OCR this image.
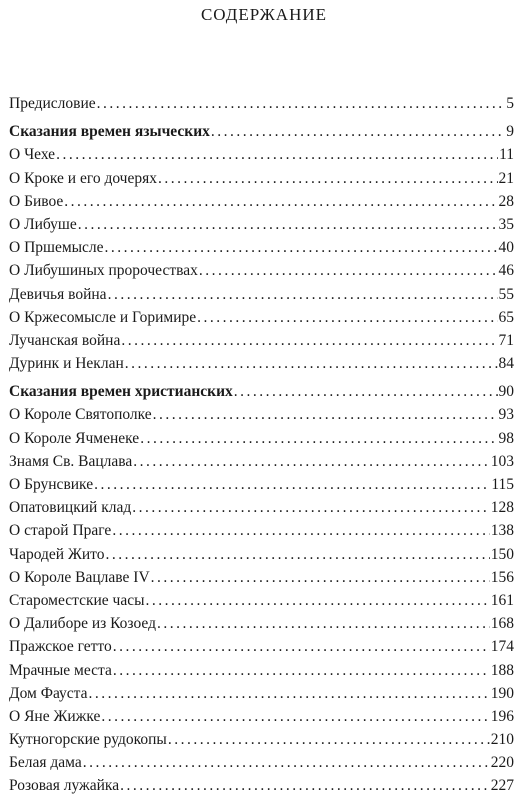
СОДЕРЖАНИЕ
Предисловие .....	5
Сказания времен языческих .....	9
О Чехе .....	11
О Кроке и его дочерях .....	21
О Бивое .....	28
О Либуше .....	35
О Пршемысле .....	40
О Либушиных пророчествах .....	46
Девичья война .....	55
О Кржесомысле и Горимире .....	65
Лучанская война .....	71
Дуринк и Неклан .....	84
Сказания времен христианских .....	90
О Короле Святополке .....	93
О Короле Ячменеке .....	98
Знамя Св. Вацлава .....	103
О Брунсвике .....	115
Опатовицкий клад .....	128
О старой Праге .....	138
Чародей Жито .....	150
О Короле Вацлаве IV .....	156
Староместские часы .....	161
О Далиборе из Козоед .....	168
Пражское гетто .....	174
Мрачные места .....	188
Дом Фауста .....	190
О Яне Жижке .....	196
Кутногорские рудокопы .....	210
Белая дама .....	220
Розовая лужайка .....	227
